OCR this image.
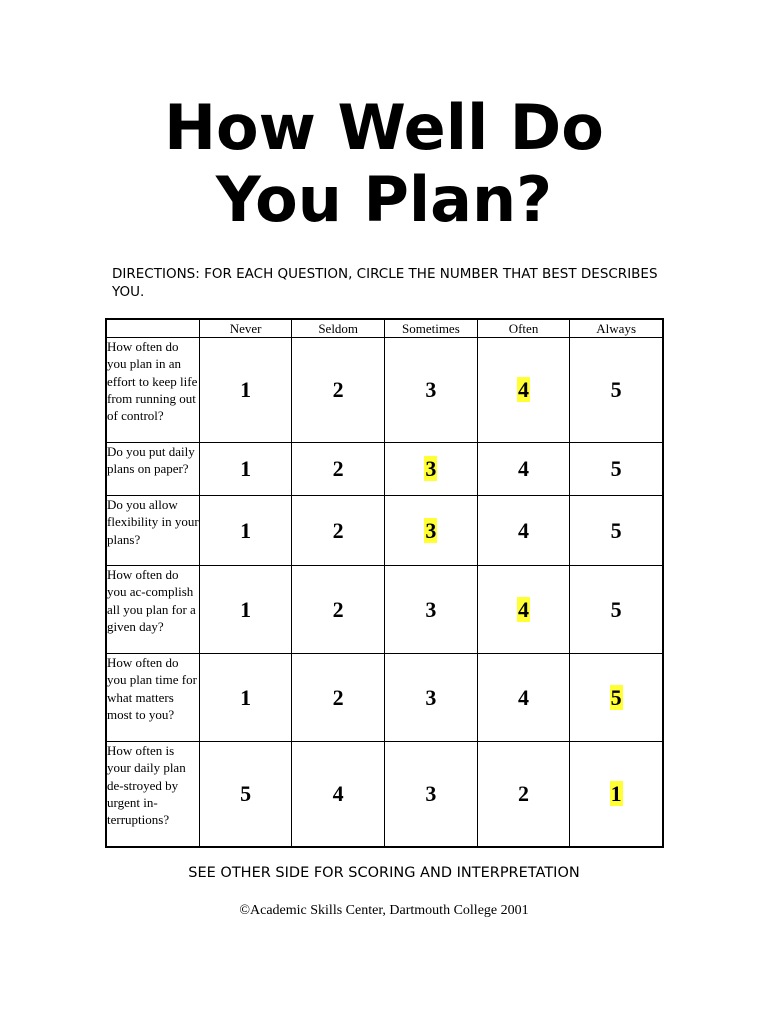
How Well Do
You Plan?

DIRECTIONS: FOR EACH QUESTION, CIRCLE THE NUMBER THAT BEST DESCRIBES YOU.

	Never	Seldom	Sometimes	Often	Always
How often do you plan in an effort to keep life from running out of control?	1	2	3	4	5
Do you put daily plans on paper?	1	2	3	4	5
Do you allow flexibility in your plans?	1	2	3	4	5
How often do you ac-complish all you plan for a given day?	1	2	3	4	5
How often do you plan time for what matters most to you?	1	2	3	4	5
How often is your daily plan de-stroyed by urgent in-terruptions?	5	4	3	2	1

SEE OTHER SIDE FOR SCORING AND INTERPRETATION

©Academic Skills Center, Dartmouth College 2001
